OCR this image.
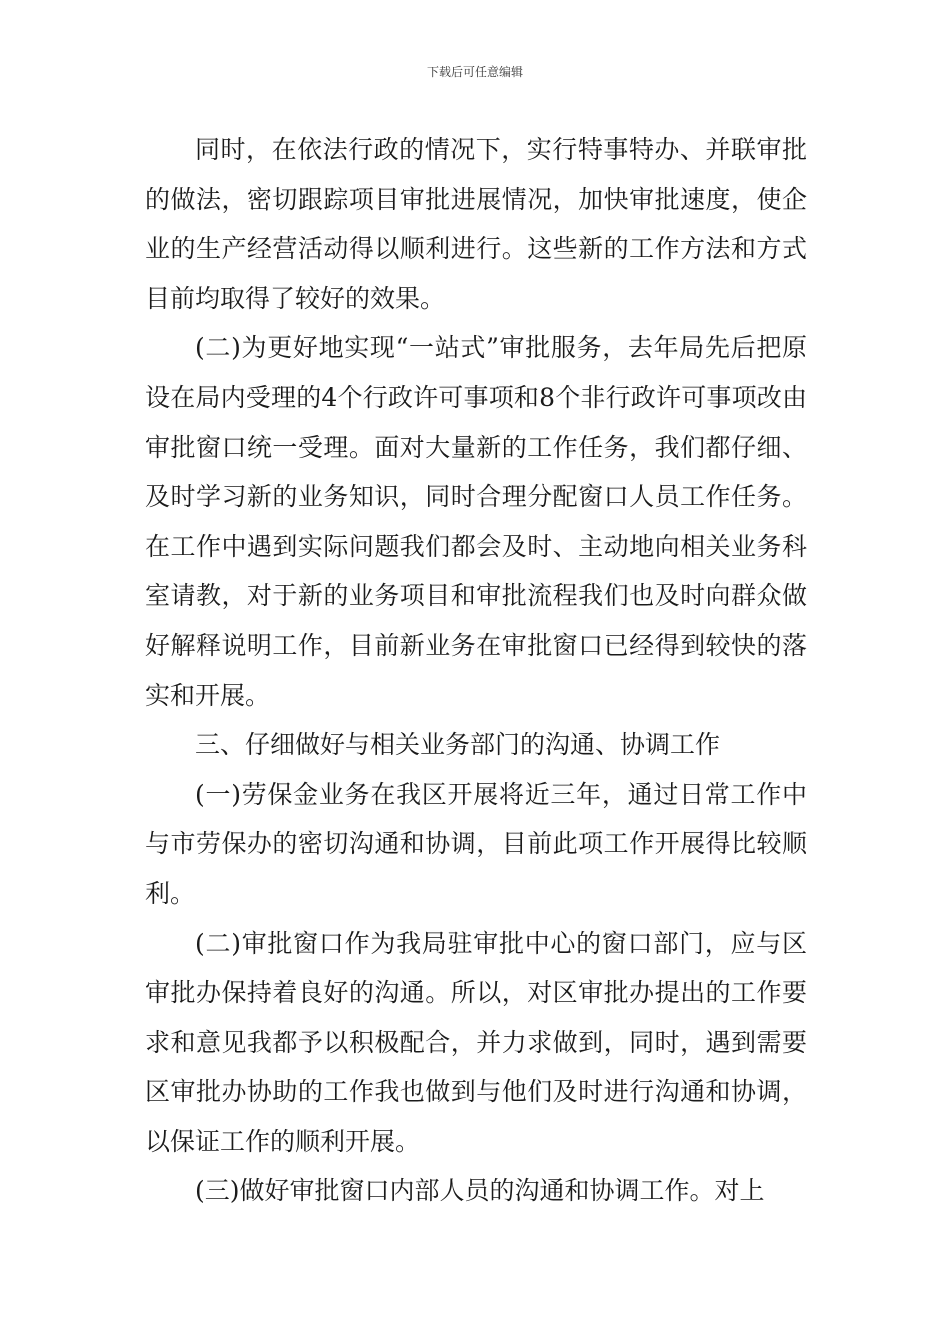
下载后可任意编辑

同时，在依法行政的情况下，实行特事特办、并联审批的做法，密切跟踪项目审批进展情况，加快审批速度，使企业的生产经营活动得以顺利进行。这些新的工作方法和方式目前均取得了较好的效果。

(二)为更好地实现“一站式”审批服务，去年局先后把原设在局内受理的4个行政许可事项和8个非行政许可事项改由审批窗口统一受理。面对大量新的工作任务，我们都仔细、及时学习新的业务知识，同时合理分配窗口人员工作任务。在工作中遇到实际问题我们都会及时、主动地向相关业务科室请教，对于新的业务项目和审批流程我们也及时向群众做好解释说明工作，目前新业务在审批窗口已经得到较快的落实和开展。

三、仔细做好与相关业务部门的沟通、协调工作

(一)劳保金业务在我区开展将近三年，通过日常工作中与市劳保办的密切沟通和协调，目前此项工作开展得比较顺利。

(二)审批窗口作为我局驻审批中心的窗口部门，应与区审批办保持着良好的沟通。所以，对区审批办提出的工作要求和意见我都予以积极配合，并力求做到，同时，遇到需要区审批办协助的工作我也做到与他们及时进行沟通和协调，以保证工作的顺利开展。

(三)做好审批窗口内部人员的沟通和协调工作。对上
